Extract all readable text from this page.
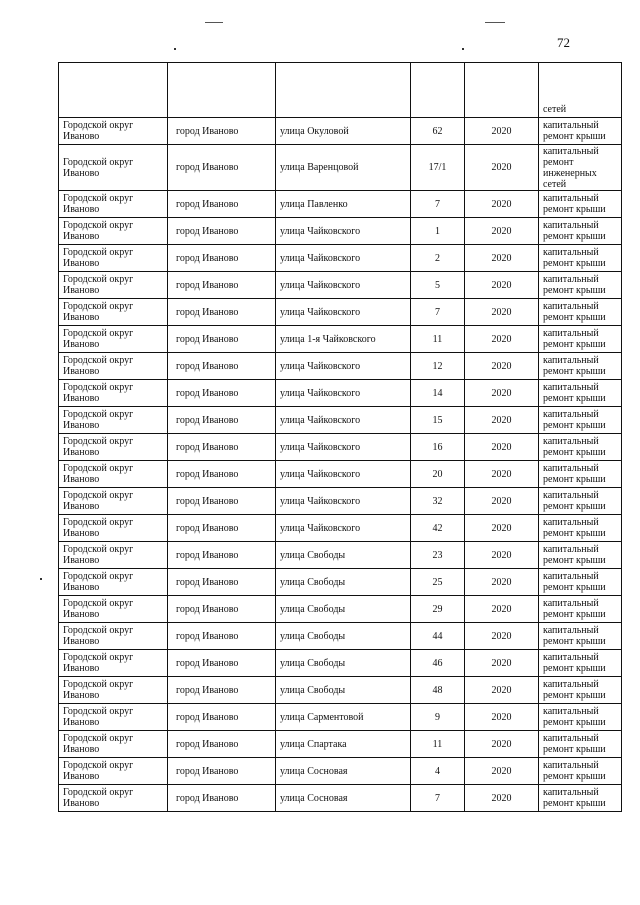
72
					сетей
Городской округ Иваново	город Иваново	улица Окуловой	62	2020	капитальный ремонт крыши
Городской округ Иваново	город Иваново	улица Варенцовой	17/1	2020	капитальный ремонт инженерных сетей
Городской округ Иваново	город Иваново	улица Павленко	7	2020	капитальный ремонт крыши
Городской округ Иваново	город Иваново	улица Чайковского	1	2020	капитальный ремонт крыши
Городской округ Иваново	город Иваново	улица Чайковского	2	2020	капитальный ремонт крыши
Городской округ Иваново	город Иваново	улица Чайковского	5	2020	капитальный ремонт крыши
Городской округ Иваново	город Иваново	улица Чайковского	7	2020	капитальный ремонт крыши
Городской округ Иваново	город Иваново	улица 1-я Чайковского	11	2020	капитальный ремонт крыши
Городской округ Иваново	город Иваново	улица Чайковского	12	2020	капитальный ремонт крыши
Городской округ Иваново	город Иваново	улица Чайковского	14	2020	капитальный ремонт крыши
Городской округ Иваново	город Иваново	улица Чайковского	15	2020	капитальный ремонт крыши
Городской округ Иваново	город Иваново	улица Чайковского	16	2020	капитальный ремонт крыши
Городской округ Иваново	город Иваново	улица Чайковского	20	2020	капитальный ремонт крыши
Городской округ Иваново	город Иваново	улица Чайковского	32	2020	капитальный ремонт крыши
Городской округ Иваново	город Иваново	улица Чайковского	42	2020	капитальный ремонт крыши
Городской округ Иваново	город Иваново	улица Свободы	23	2020	капитальный ремонт крыши
Городской округ Иваново	город Иваново	улица Свободы	25	2020	капитальный ремонт крыши
Городской округ Иваново	город Иваново	улица Свободы	29	2020	капитальный ремонт крыши
Городской округ Иваново	город Иваново	улица Свободы	44	2020	капитальный ремонт крыши
Городской округ Иваново	город Иваново	улица Свободы	46	2020	капитальный ремонт крыши
Городской округ Иваново	город Иваново	улица Свободы	48	2020	капитальный ремонт крыши
Городской округ Иваново	город Иваново	улица Сарментовой	9	2020	капитальный ремонт крыши
Городской округ Иваново	город Иваново	улица Спартака	11	2020	капитальный ремонт крыши
Городской округ Иваново	город Иваново	улица Сосновая	4	2020	капитальный ремонт крыши
Городской округ Иваново	город Иваново	улица Сосновая	7	2020	капитальный ремонт крыши
